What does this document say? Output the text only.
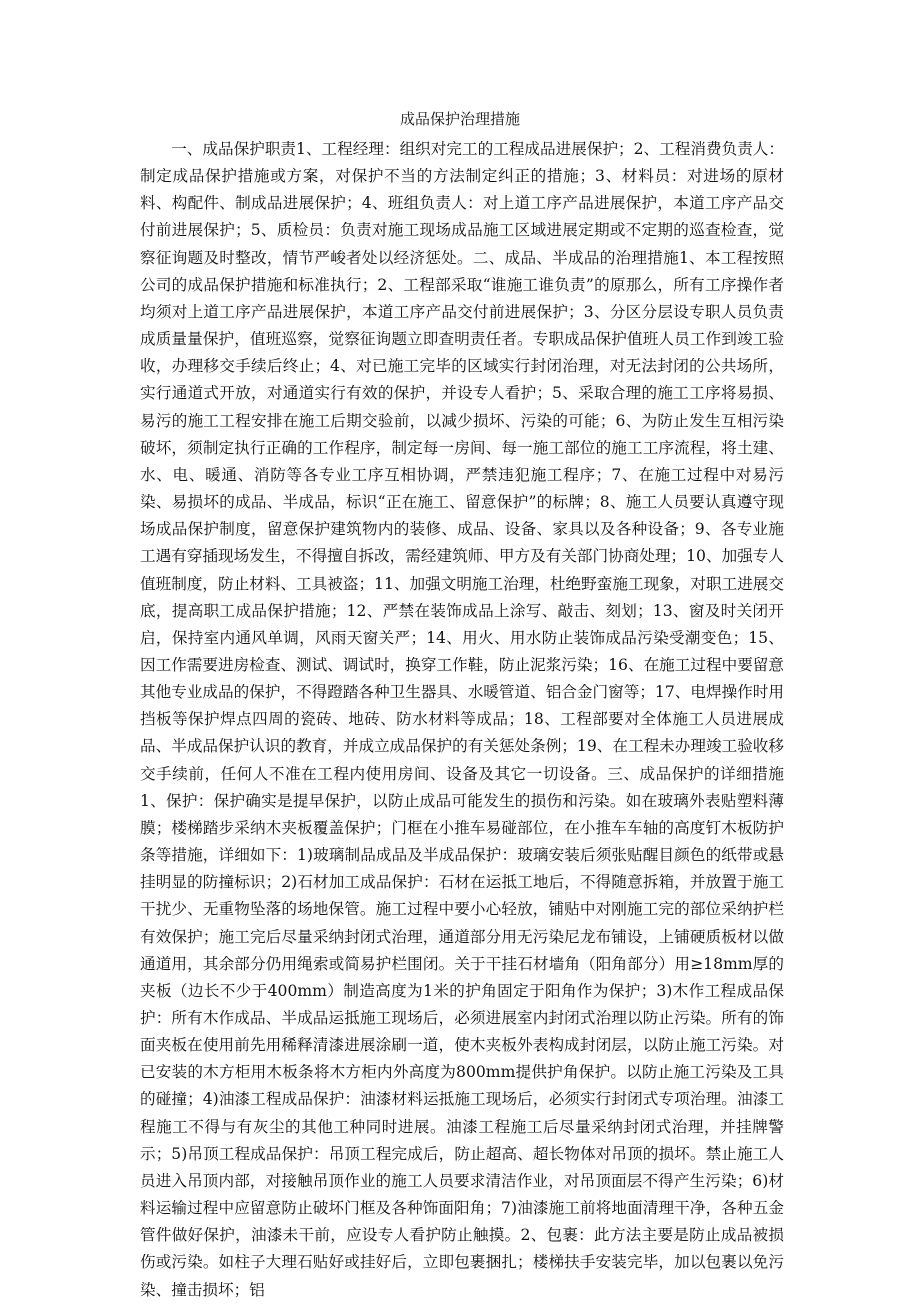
成品保护治理措施

一、成品保护职责1、工程经理：组织对完工的工程成品进展保护；2、工程消费负责人：制定成品保护措施或方案，对保护不当的方法制定纠正的措施；3、材料员：对进场的原材料、构配件、制成品进展保护；4、班组负责人：对上道工序产品进展保护，本道工序产品交付前进展保护；5、质检员：负责对施工现场成品施工区域进展定期或不定期的巡查检查，觉察征询题及时整改，情节严峻者处以经济惩处。二、成品、半成品的治理措施1、本工程按照公司的成品保护措施和标准执行；2、工程部采取“谁施工谁负责”的原那么，所有工序操作者均须对上道工序产品进展保护，本道工序产品交付前进展保护；3、分区分层设专职人员负责成质量量保护，值班巡察，觉察征询题立即查明责任者。专职成品保护值班人员工作到竣工验收，办理移交手续后终止；4、对已施工完毕的区域实行封闭治理，对无法封闭的公共场所，实行通道式开放，对通道实行有效的保护，并设专人看护；5、采取合理的施工工序将易损、易污的施工工程安排在施工后期交验前，以减少损坏、污染的可能；6、为防止发生互相污染破坏，须制定执行正确的工作程序，制定每一房间、每一施工部位的施工工序流程，将土建、水、电、暖通、消防等各专业工序互相协调，严禁违犯施工程序；7、在施工过程中对易污染、易损坏的成品、半成品，标识“正在施工、留意保护”的标牌；8、施工人员要认真遵守现场成品保护制度，留意保护建筑物内的装修、成品、设备、家具以及各种设备；9、各专业施工遇有穿插现场发生，不得擅自拆改，需经建筑师、甲方及有关部门协商处理；10、加强专人值班制度，防止材料、工具被盗；11、加强文明施工治理，杜绝野蛮施工现象，对职工进展交底，提高职工成品保护措施；12、严禁在装饰成品上涂写、敲击、刻划；13、窗及时关闭开启，保持室内通风单调，风雨天窗关严；14、用火、用水防止装饰成品污染受潮变色；15、因工作需要进房检查、测试、调试时，换穿工作鞋，防止泥浆污染；16、在施工过程中要留意其他专业成品的保护，不得蹬踏各种卫生器具、水暖管道、铝合金门窗等；17、电焊操作时用挡板等保护焊点四周的瓷砖、地砖、防水材料等成品；18、工程部要对全体施工人员进展成品、半成品保护认识的教育，并成立成品保护的有关惩处条例；19、在工程未办理竣工验收移交手续前，任何人不准在工程内使用房间、设备及其它一切设备。三、成品保护的详细措施1、保护：保护确实是提早保护，以防止成品可能发生的损伤和污染。如在玻璃外表贴塑料薄膜；楼梯踏步采纳木夹板覆盖保护；门框在小推车易碰部位，在小推车车轴的高度钉木板防护条等措施，详细如下：1)玻璃制品成品及半成品保护：玻璃安装后须张贴醒目颜色的纸带或悬挂明显的防撞标识；2)石材加工成品保护：石材在运抵工地后，不得随意拆箱，并放置于施工干扰少、无重物坠落的场地保管。施工过程中要小心轻放，铺贴中对刚施工完的部位采纳护栏有效保护；施工完后尽量采纳封闭式治理，通道部分用无污染尼龙布铺设，上铺硬质板材以做通道用，其余部分仍用绳索或简易护栏围闭。关于干挂石材墙角（阳角部分）用≥18mm厚的夹板（边长不少于400mm）制造高度为1米的护角固定于阳角作为保护；3)木作工程成品保护：所有木作成品、半成品运抵施工现场后，必须进展室内封闭式治理以防止污染。所有的饰面夹板在使用前先用稀释清漆进展涂刷一道，使木夹板外表构成封闭层，以防止施工污染。对已安装的木方柜用木板条将木方柜内外高度为800mm提供护角保护。以防止施工污染及工具的碰撞；4)油漆工程成品保护：油漆材料运抵施工现场后，必须实行封闭式专项治理。油漆工程施工不得与有灰尘的其他工种同时进展。油漆工程施工后尽量采纳封闭式治理，并挂牌警示；5)吊顶工程成品保护：吊顶工程完成后，防止超高、超长物体对吊顶的损坏。禁止施工人员进入吊顶内部，对接触吊顶作业的施工人员要求清洁作业，对吊顶面层不得产生污染；6)材料运输过程中应留意防止破坏门框及各种饰面阳角；7)油漆施工前将地面清理干净，各种五金管件做好保护，油漆未干前，应设专人看护防止触摸。2、包裹：此方法主要是防止成品被损伤或污染。如柱子大理石贴好或挂好后，立即包裹捆扎；楼梯扶手安装完毕，加以包裹以免污染、撞击损坏；铝
